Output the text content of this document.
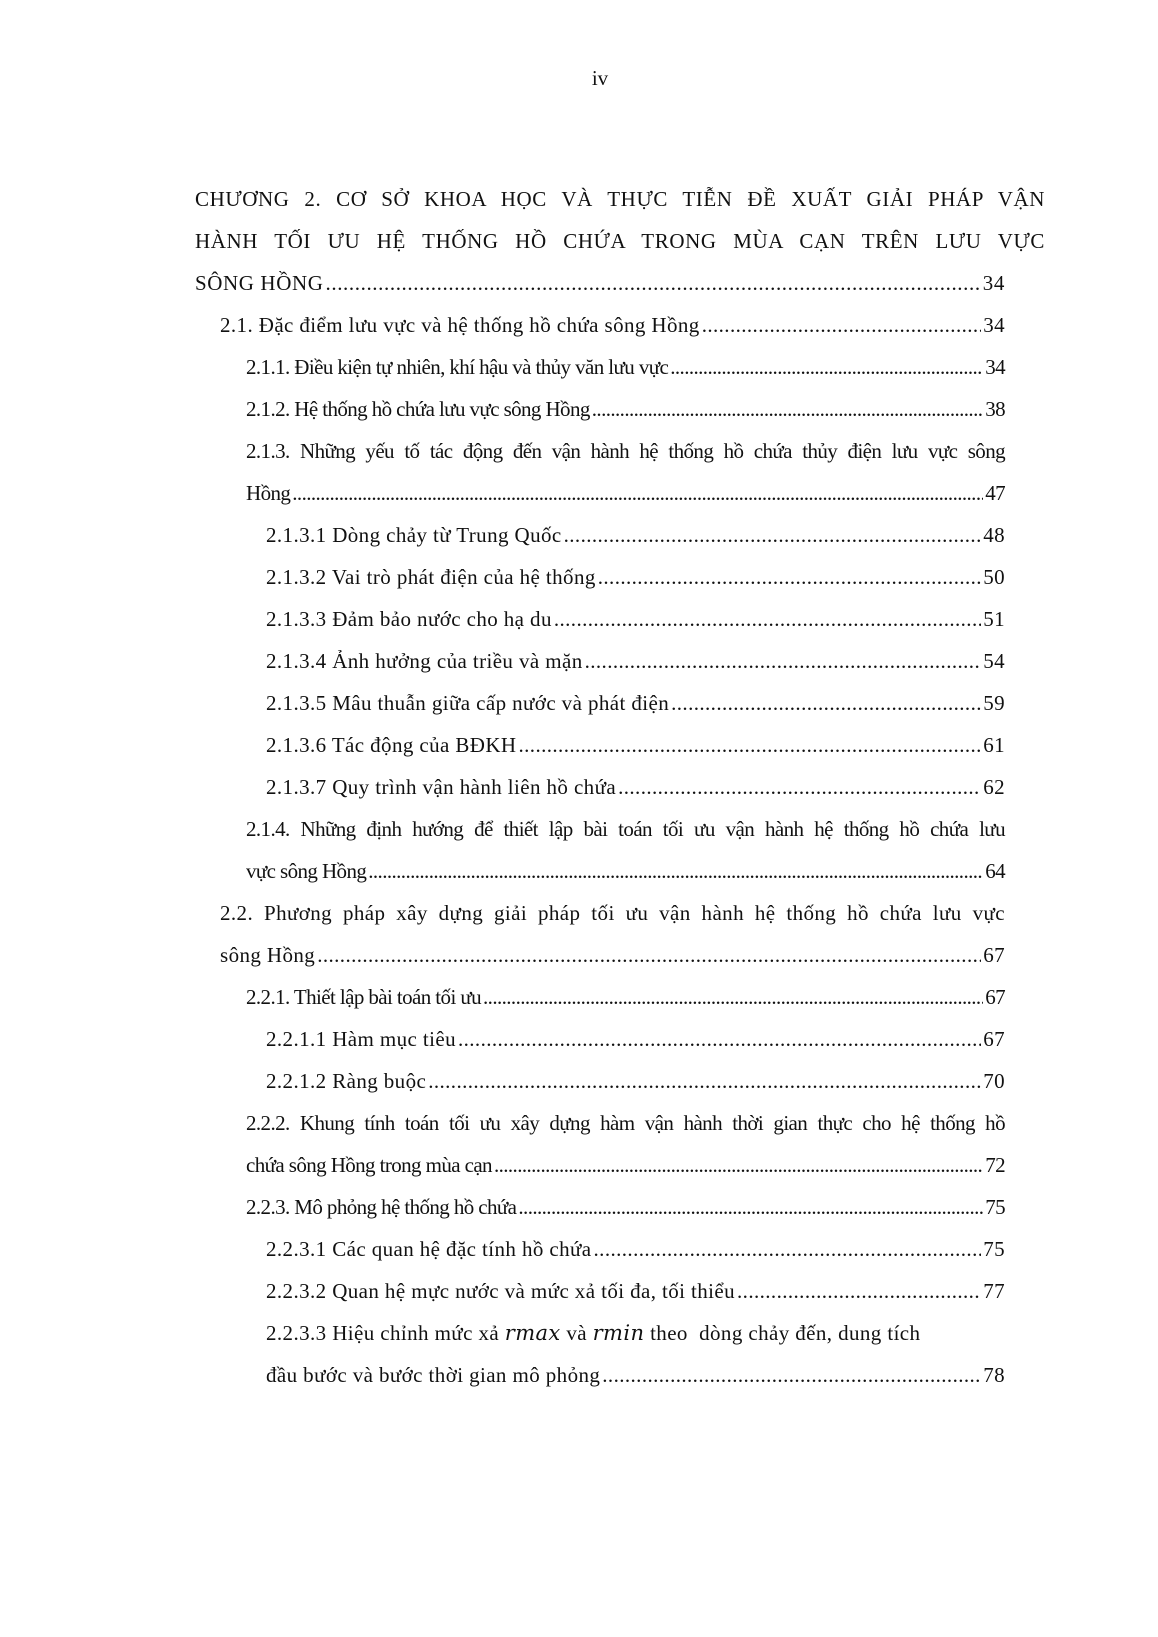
iv
CHƯƠNG 2. CƠ SỞ KHOA HỌC VÀ THỰC TIỄN ĐỀ XUẤT GIẢI PHÁP VẬN
HÀNH TỐI ƯU HỆ THỐNG HỒ CHỨA TRONG MÙA CẠN TRÊN LƯU VỰC
SÔNG HỒNG .....	34
2.1. Đặc điểm lưu vực và hệ thống hồ chứa sông Hồng .....	34
2.1.1. Điều kiện tự nhiên, khí hậu và thủy văn lưu vực .....	34
2.1.2. Hệ thống hồ chứa lưu vực sông Hồng .....	38
2.1.3. Những yếu tố tác động đến vận hành hệ thống hồ chứa thủy điện lưu vực sông
Hồng .....	47
2.1.3.1 Dòng chảy từ Trung Quốc .....	48
2.1.3.2 Vai trò phát điện của hệ thống .....	50
2.1.3.3 Đảm bảo nước cho hạ du .....	51
2.1.3.4 Ảnh hưởng của triều và mặn .....	54
2.1.3.5 Mâu thuẫn giữa cấp nước và phát điện .....	59
2.1.3.6 Tác động của BĐKH .....	61
2.1.3.7 Quy trình vận hành liên hồ chứa .....	62
2.1.4. Những định hướng để thiết lập bài toán tối ưu vận hành hệ thống hồ chứa lưu
vực sông Hồng .....	64
2.2. Phương pháp xây dựng giải pháp tối ưu vận hành hệ thống hồ chứa lưu vực
sông Hồng .....	67
2.2.1. Thiết lập bài toán tối ưu .....	67
2.2.1.1 Hàm mục tiêu .....	67
2.2.1.2 Ràng buộc .....	70
2.2.2. Khung tính toán tối ưu xây dựng hàm vận hành thời gian thực cho hệ thống hồ
chứa sông Hồng trong mùa cạn .....	72
2.2.3. Mô phỏng hệ thống hồ chứa .....	75
2.2.3.1 Các quan hệ đặc tính hồ chứa .....	75
2.2.3.2 Quan hệ mực nước và mức xả tối đa, tối thiểu .....	77
2.2.3.3 Hiệu chỉnh mức xả
rmax
và
rmin
theo  dòng chảy đến, dung tích
đầu bước và bước thời gian mô phỏng .....	78
